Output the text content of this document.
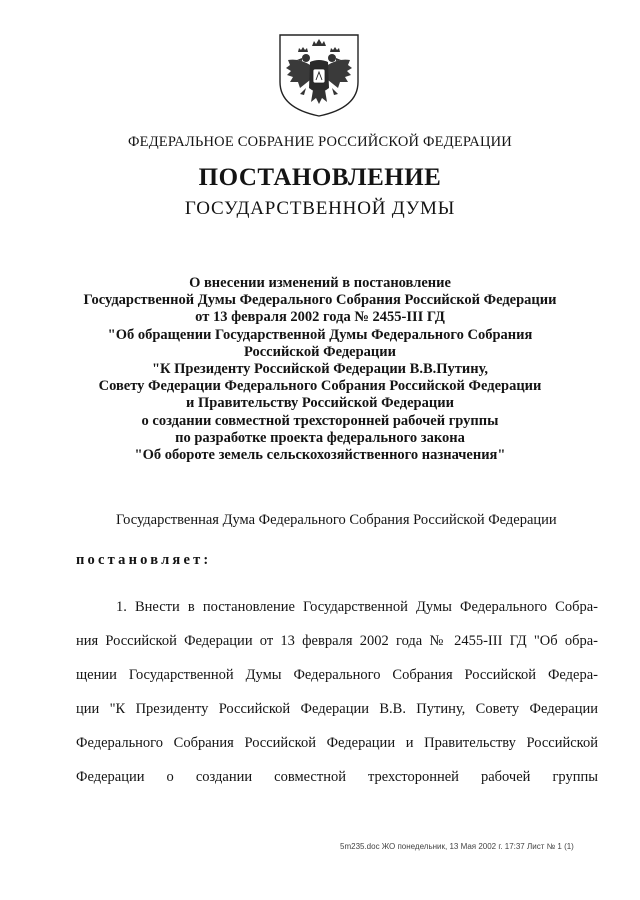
ФЕДЕРАЛЬНОЕ СОБРАНИЕ РОССИЙСКОЙ ФЕДЕРАЦИИ
ПОСТАНОВЛЕНИЕ
ГОСУДАРСТВЕННОЙ ДУМЫ
О внесении изменений в постановление
Государственной Думы Федерального Собрания Российской Федерации
от 13 февраля 2002 года № 2455-III ГД
"Об обращении Государственной Думы Федерального Собрания
Российской Федерации
"К Президенту Российской Федерации В.В.Путину,
Совету Федерации Федерального Собрания Российской Федерации
и Правительству Российской Федерации
о создании совместной трехсторонней рабочей группы
по разработке проекта федерального закона
"Об обороте земель сельскохозяйственного назначения"
Государственная Дума Федерального Собрания Российской Федерации
постановляет:
1. Внести в постановление Государственной Думы Федерального Собра-
ния Российской Федерации от 13 февраля 2002 года № 2455-III ГД "Об обра-
щении Государственной Думы Федерального Собрания Российской Федера-
ции "К Президенту Российской Федерации В.В. Путину, Совету Федерации
Федерального Собрания Российской Федерации и Правительству Российской
Федерации о создании совместной трехсторонней рабочей группы
5m235.doc ЖО понедельник, 13 Мая 2002 г. 17:37 Лист № 1 (1)
